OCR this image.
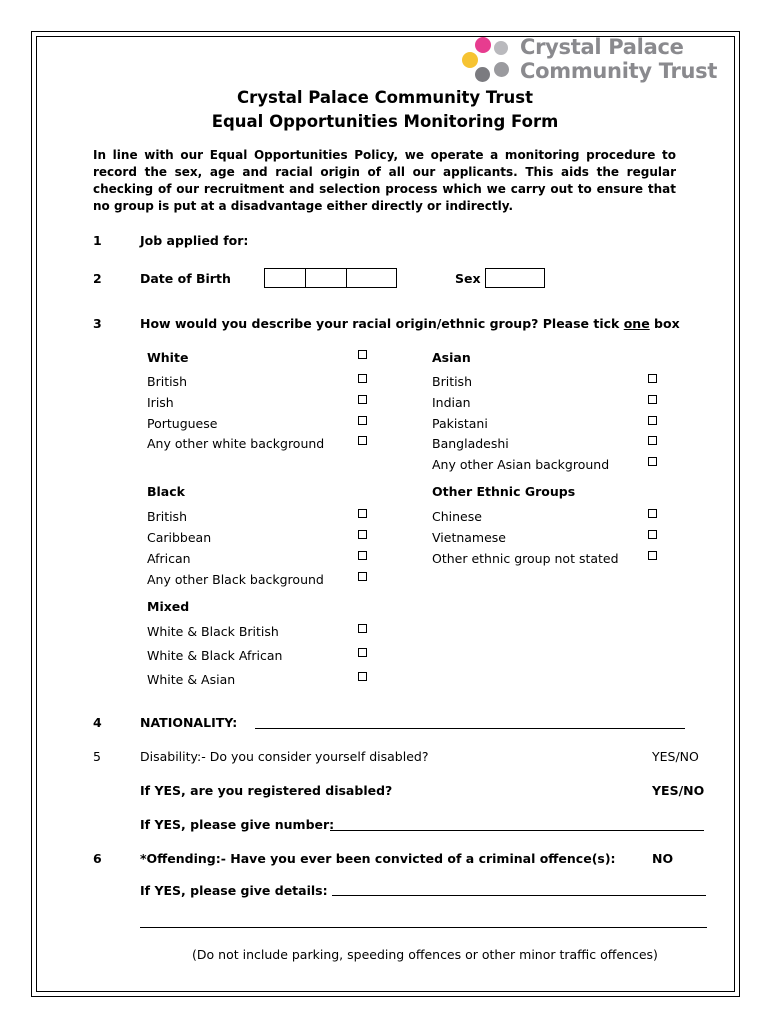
Crystal Palace
Community Trust
Crystal Palace Community Trust
Equal Opportunities Monitoring Form
In line with our Equal Opportunities Policy, we operate a monitoring procedure to record the sex, age and racial origin of all our applicants. This aids the regular checking of our recruitment and selection process which we carry out to ensure that no group is put at a disadvantage either directly or indirectly.
1	Job applied for:
2	Date of Birth	Sex
3	How would you describe your racial origin/ethnic group? Please tick one box
White
British
Irish
Portuguese
Any other white background
Asian
British
Indian
Pakistani
Bangladeshi
Any other Asian background
Black
British
Caribbean
African
Any other Black background
Other Ethnic Groups
Chinese
Vietnamese
Other ethnic group not stated
Mixed
White & Black British
White & Black African
White & Asian
4	NATIONALITY:
5	Disability:- Do you consider yourself disabled?	YES/NO
If YES, are you registered disabled?	YES/NO
If YES, please give number:
6	*Offending:- Have you ever been convicted of a criminal offence(s):	NO
If YES, please give details:
(Do not include parking, speeding offences or other minor traffic offences)
